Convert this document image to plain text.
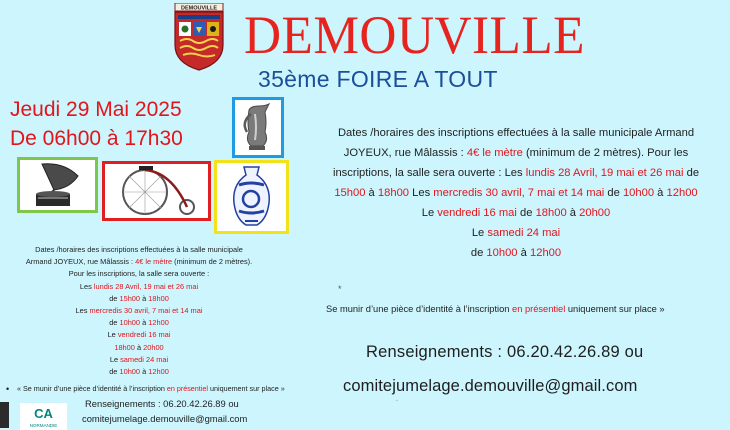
DEMOUVILLE DEMOUVILLE
35ème FOIRE A TOUT
Jeudi 29 Mai 2025
De 06h00 à 17h30	Dates /horaires des inscriptions effectuées à la salle municipale Armand
JOYEUX, rue Mâlassis : 4€ le mètre (minimum de 2 mètres). Pour les
inscriptions, la salle sera ouverte : Les lundis 28 Avril, 19 mai et 26 mai de
15h00 à 18h00 Les mercredis 30 avril, 7 mai et 14 mai de 10h00 à 12h00
Le vendredi 16 mai de 18h00 à 20h00
Le samedi 24 mai
de 10h00 à 12h00
*
Se munir d’une pièce d’identité à l’inscription en présentiel uniquement sur place »
Renseignements : 06.20.42.26.89 ou
comitejumelage.demouville@gmail.com
.
Dates /horaires des inscriptions effectuées à la salle municipale
Armand JOYEUX, rue Mâlassis : 4€ le mètre (minimum de 2 mètres).
Pour les inscriptions, la salle sera ouverte :
Les lundis 28 Avril, 19 mai et 26 mai
de 15h00 à 18h00
Les mercredis 30 avril, 7 mai et 14 mai
de 10h00 à 12h00
Le vendredi 16 mai
18h00 à 20h00
Le samedi 24 mai
de 10h00 à 12h00
• « Se munir d’une pièce d’identité à l’inscription en présentiel uniquement sur place »
Renseignements : 06.20.42.26.89 ou
comitejumelage.demouville@gmail.com
CA
NORMANDIE
